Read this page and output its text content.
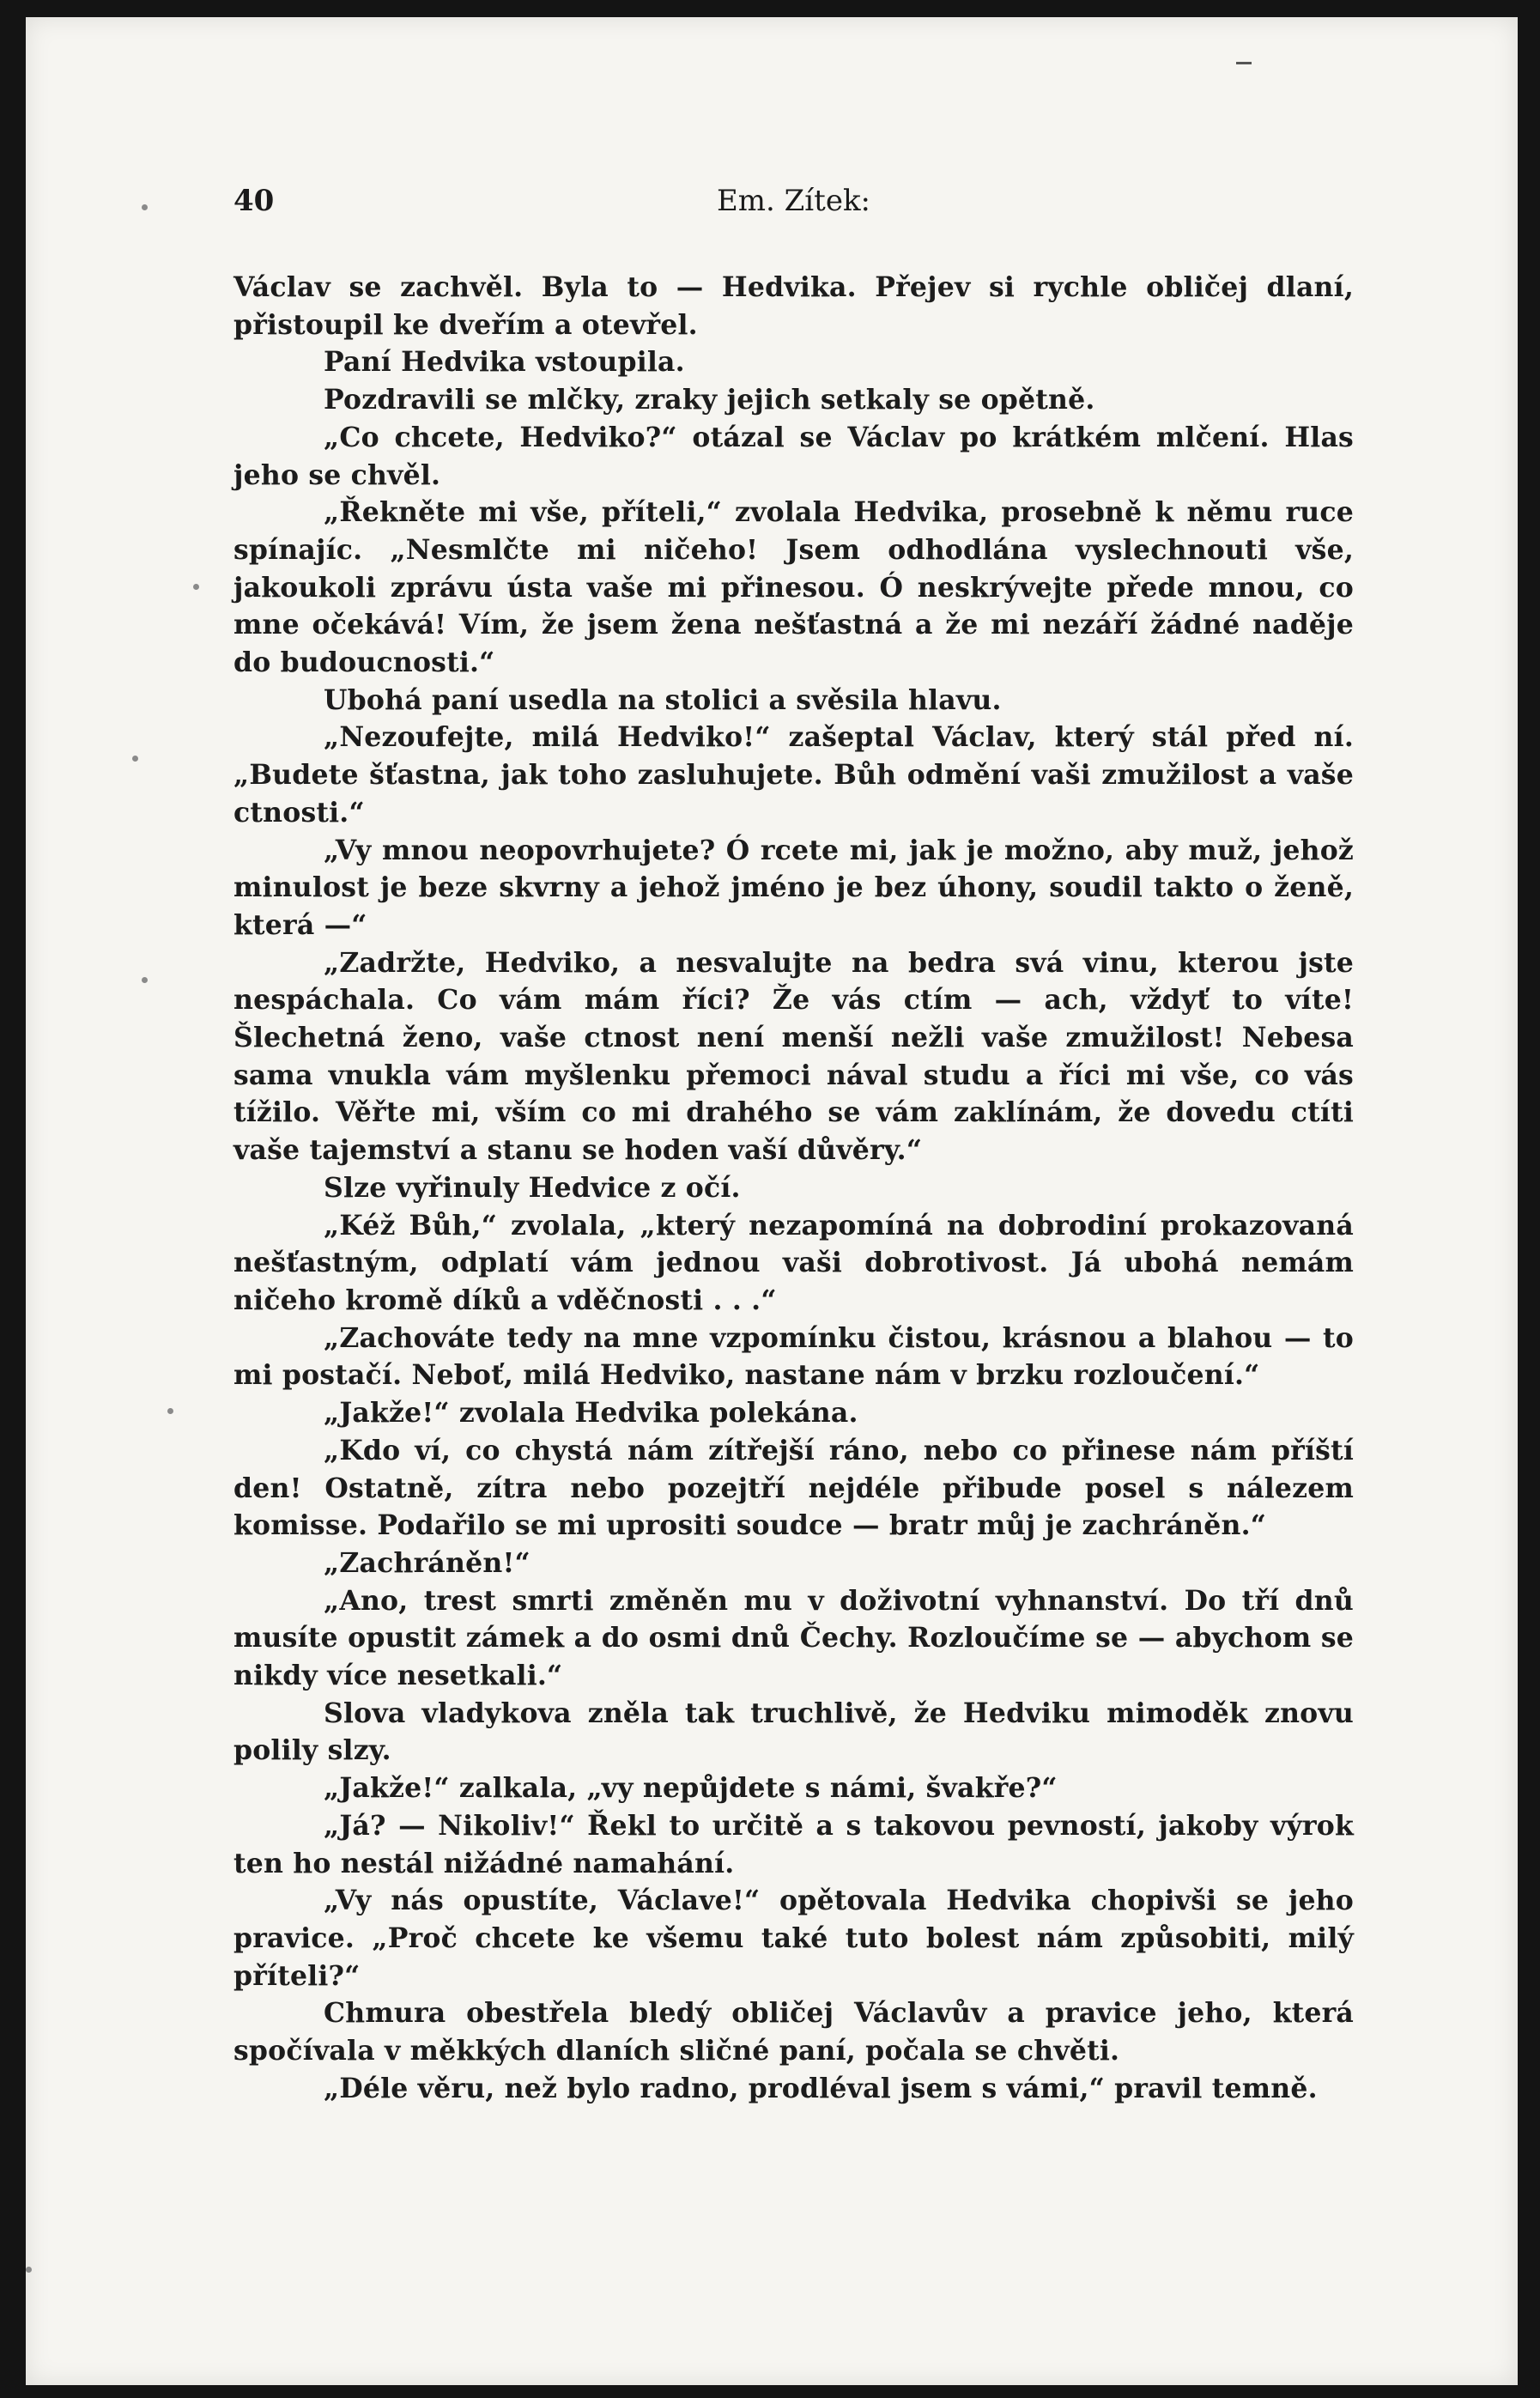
40	Em. Zítek:

Václav se zachvěl. Byla to — Hedvika. Přejev si rychle obličej dlaní, přistoupil ke dveřím a otevřel.

Paní Hedvika vstoupila.

Pozdravili se mlčky, zraky jejich setkaly se opětně.

„Co chcete, Hedviko?“ otázal se Václav po krátkém mlčení. Hlas jeho se chvěl.

„Řekněte mi vše, příteli,“ zvolala Hedvika, prosebně k němu ruce spínajíc. „Nesmlčte mi ničeho! Jsem odhodlána vyslechnouti vše, jakoukoli zprávu ústa vaše mi přinesou. Ó neskrývejte přede mnou, co mne očekává! Vím, že jsem žena nešťastná a že mi nezáří žádné naděje do budoucnosti.“

Ubohá paní usedla na stolici a svěsila hlavu.

„Nezoufejte, milá Hedviko!“ zašeptal Václav, který stál před ní. „Budete šťastna, jak toho zasluhujete. Bůh odmění vaši zmužilost a vaše ctnosti.“

„Vy mnou neopovrhujete? Ó rcete mi, jak je možno, aby muž, jehož minulost je beze skvrny a jehož jméno je bez úhony, soudil takto o ženě, která —“

„Zadržte, Hedviko, a nesvalujte na bedra svá vinu, kterou jste nespáchala. Co vám mám říci? Že vás ctím — ach, vždyť to víte! Šlechetná ženo, vaše ctnost není menší nežli vaše zmužilost! Nebesa sama vnukla vám myšlenku přemoci nával studu a říci mi vše, co vás tížilo. Věřte mi, vším co mi drahého se vám zaklínám, že dovedu ctíti vaše tajemství a stanu se hoden vaší důvěry.“

Slze vyřinuly Hedvice z očí.

„Kéž Bůh,“ zvolala, „který nezapomíná na dobrodiní prokazovaná nešťastným, odplatí vám jednou vaši dobrotivost. Já ubohá nemám ničeho kromě díků a vděčnosti . . .“

„Zachováte tedy na mne vzpomínku čistou, krásnou a blahou — to mi postačí. Neboť, milá Hedviko, nastane nám v brzku rozloučení.“

„Jakže!“ zvolala Hedvika polekána.

„Kdo ví, co chystá nám zítřejší ráno, nebo co přinese nám příští den! Ostatně, zítra nebo pozejtří nejdéle přibude posel s nálezem komisse. Podařilo se mi uprositi soudce — bratr můj je zachráněn.“

„Zachráněn!“

„Ano, trest smrti změněn mu v doživotní vyhnanství. Do tří dnů musíte opustit zámek a do osmi dnů Čechy. Rozloučíme se — abychom se nikdy více nesetkali.“

Slova vladykova zněla tak truchlivě, že Hedviku mimoděk znovu polily slzy.

„Jakže!“ zalkala, „vy nepůjdete s námi, švakře?“

„Já? — Nikoliv!“ Řekl to určitě a s takovou pevností, jakoby výrok ten ho nestál nižádné namahání.

„Vy nás opustíte, Václave!“ opětovala Hedvika chopivši se jeho pravice. „Proč chcete ke všemu také tuto bolest nám způsobiti, milý příteli?“

Chmura obestřela bledý obličej Václavův a pravice jeho, která spočívala v měkkých dlaních sličné paní, počala se chvěti.

„Déle věru, než bylo radno, prodléval jsem s vámi,“ pravil temně.
